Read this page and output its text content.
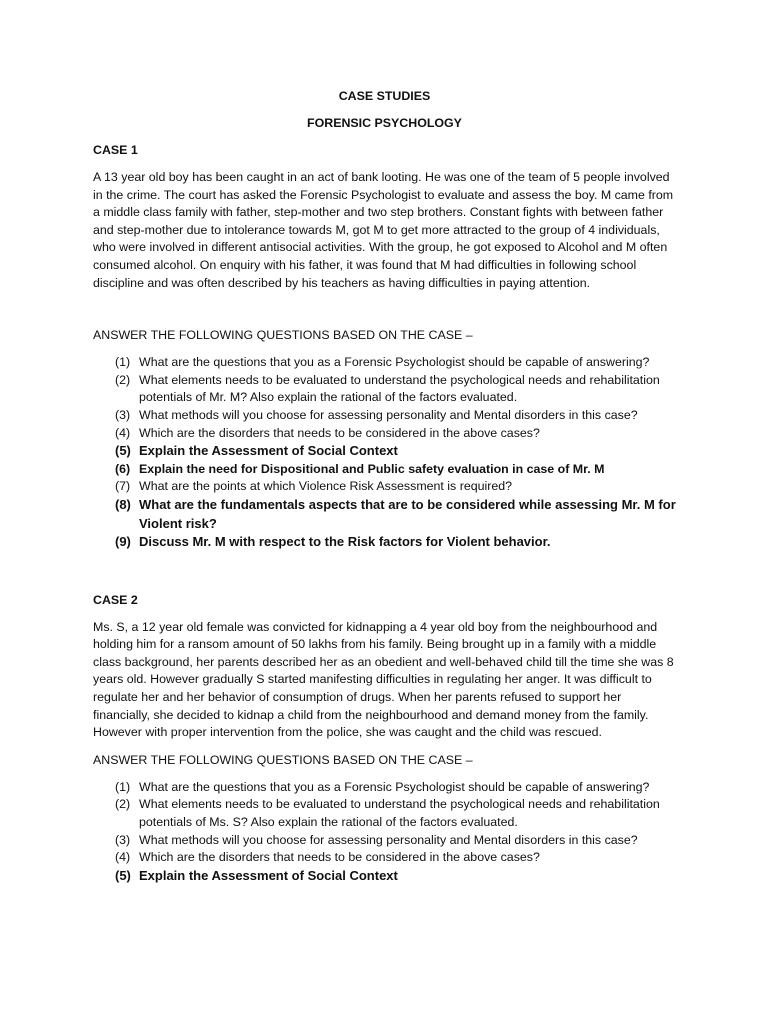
CASE STUDIES

FORENSIC PSYCHOLOGY

CASE 1

A 13 year old boy has been caught in an act of bank looting. He was one of the team of 5 people involved in the crime. The court has asked the Forensic Psychologist to evaluate and assess the boy. M came from a middle class family with father, step-mother and two step brothers. Constant fights with between father and step-mother due to intolerance towards M, got M to get more attracted to the group of 4 individuals, who were involved in different antisocial activities. With the group, he got exposed to Alcohol and M often consumed alcohol. On enquiry with his father, it was found that M had difficulties in following school discipline and was often described by his teachers as having difficulties in paying attention.

ANSWER THE FOLLOWING QUESTIONS BASED ON THE CASE –

(1) What are the questions that you as a Forensic Psychologist should be capable of answering?
(2) What elements needs to be evaluated to understand the psychological needs and rehabilitation potentials of Mr. M? Also explain the rational of the factors evaluated.
(3) What methods will you choose for assessing personality and Mental disorders in this case?
(4) Which are the disorders that needs to be considered in the above cases?
(5) Explain the Assessment of Social Context
(6) Explain the need for Dispositional and Public safety evaluation in case of Mr. M
(7) What are the points at which Violence Risk Assessment is required?
(8) What are the fundamentals aspects that are to be considered while assessing Mr. M for Violent risk?
(9) Discuss Mr. M with respect to the Risk factors for Violent behavior.

CASE 2

Ms. S, a 12 year old female was convicted for kidnapping a 4 year old boy from the neighbourhood and holding him for a ransom amount of 50 lakhs from his family. Being brought up in a family with a middle class background, her parents described her as an obedient and well-behaved child till the time she was 8 years old. However gradually S started manifesting difficulties in regulating her anger. It was difficult to regulate her and her behavior of consumption of drugs. When her parents refused to support her financially, she decided to kidnap a child from the neighbourhood and demand money from the family. However with proper intervention from the police, she was caught and the child was rescued.

ANSWER THE FOLLOWING QUESTIONS BASED ON THE CASE –

(1) What are the questions that you as a Forensic Psychologist should be capable of answering?
(2) What elements needs to be evaluated to understand the psychological needs and rehabilitation potentials of Ms. S? Also explain the rational of the factors evaluated.
(3) What methods will you choose for assessing personality and Mental disorders in this case?
(4) Which are the disorders that needs to be considered in the above cases?
(5) Explain the Assessment of Social Context
